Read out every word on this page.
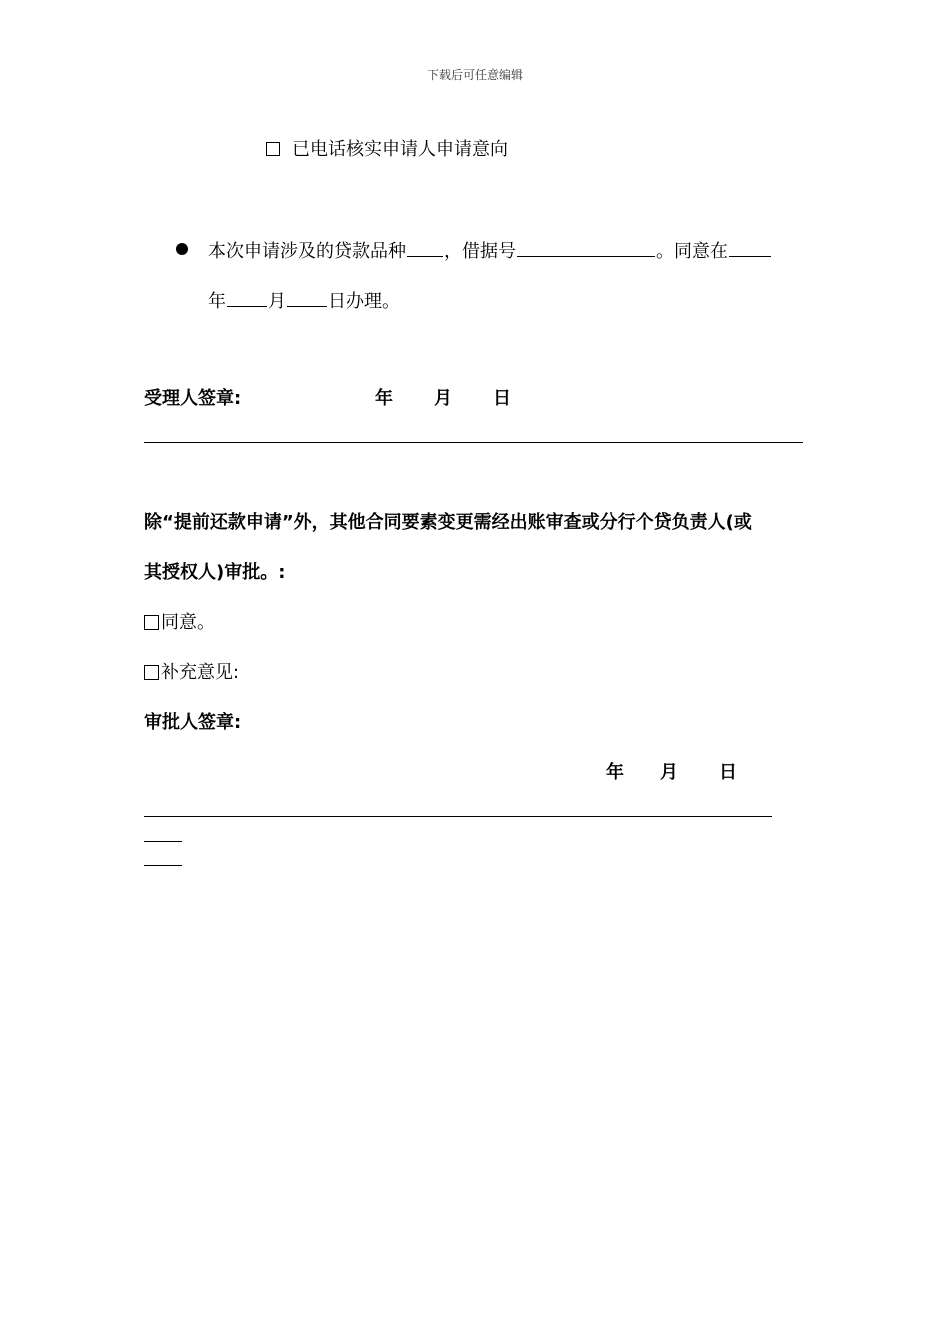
下载后可任意编辑
已电话核实申请人申请意向
本次申请涉及的贷款品种 ，借据号	。同意在
年 月 日办理。
受理人签章:	年 月 日
除“提前还款申请”外，其他合同要素变更需经出账审查或分行个贷负责人(或
其授权人)审批。:
同意。
补充意见:
审批人签章:
年 月 日
